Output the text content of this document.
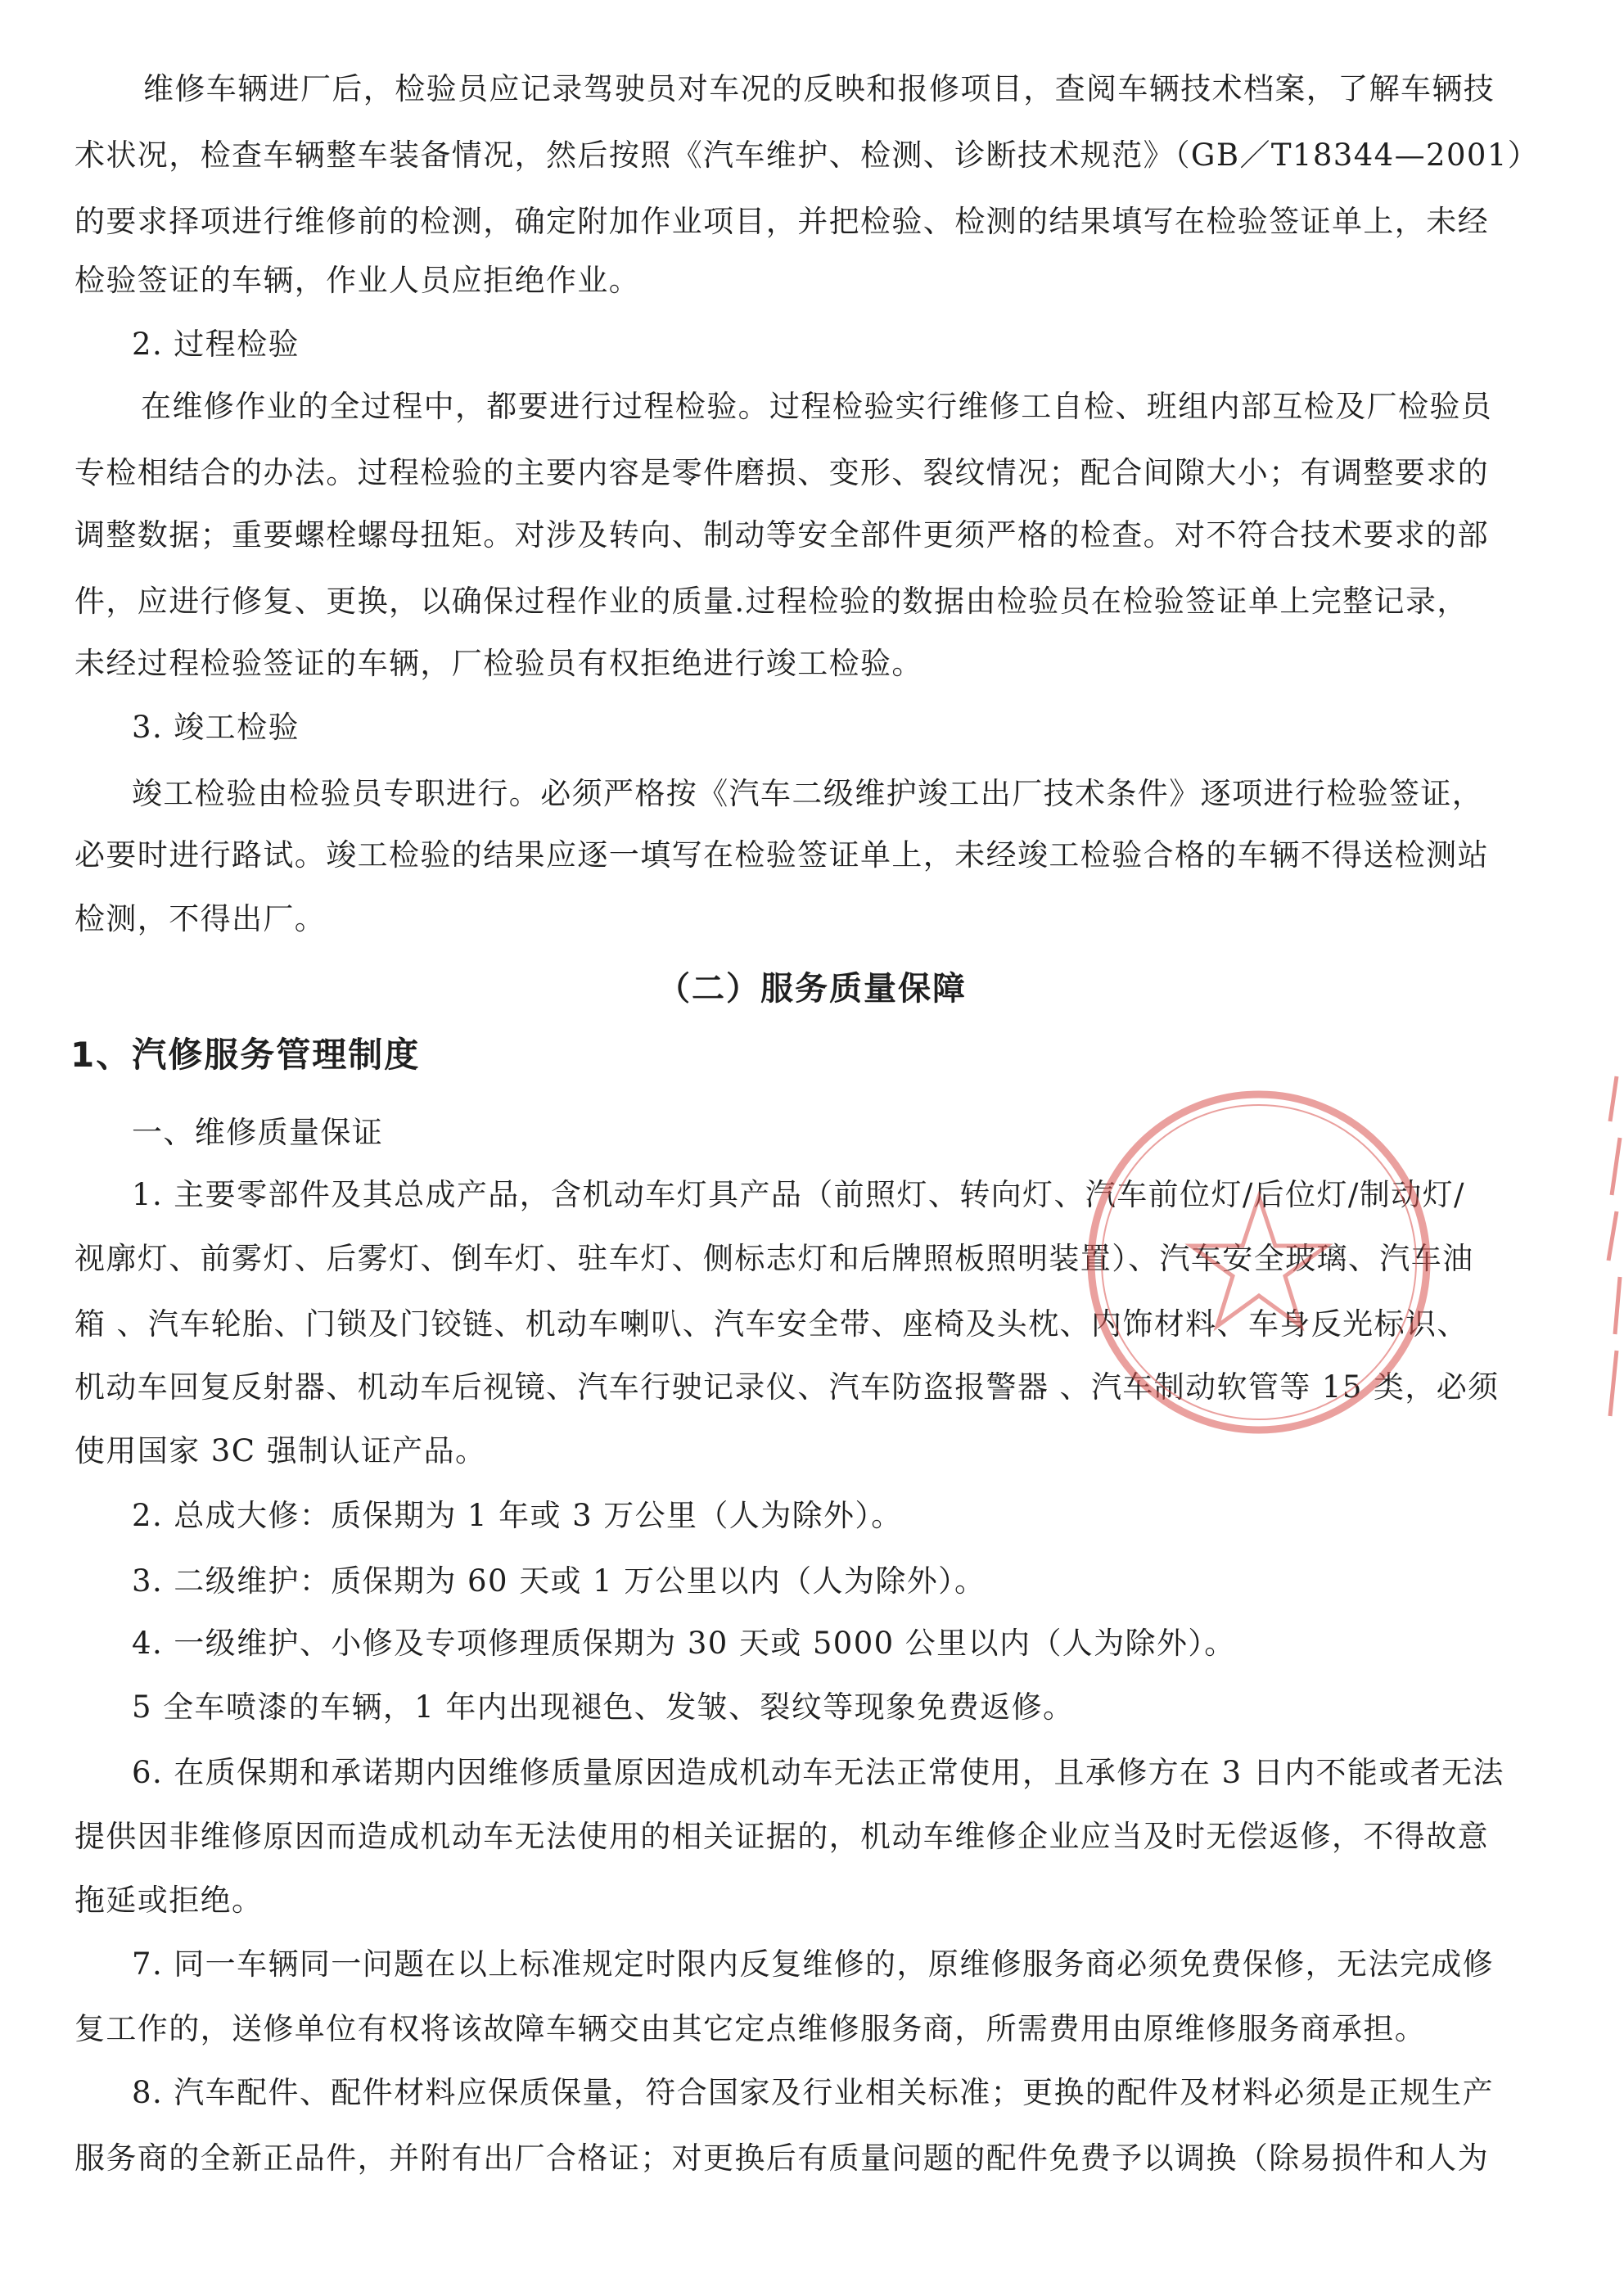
维修车辆进厂后，检验员应记录驾驶员对车况的反映和报修项目，查阅车辆技术档案，了解车辆技
术状况，检查车辆整车装备情况，然后按照《汽车维护、检测、诊断技术规范》（GB／T18344—2001）
的要求择项进行维修前的检测，确定附加作业项目，并把检验、检测的结果填写在检验签证单上，未经
检验签证的车辆，作业人员应拒绝作业。
2. 过程检验
在维修作业的全过程中，都要进行过程检验。过程检验实行维修工自检、班组内部互检及厂检验员
专检相结合的办法。过程检验的主要内容是零件磨损、变形、裂纹情况；配合间隙大小；有调整要求的
调整数据；重要螺栓螺母扭矩。对涉及转向、制动等安全部件更须严格的检查。对不符合技术要求的部
件，应进行修复、更换，以确保过程作业的质量.过程检验的数据由检验员在检验签证单上完整记录，
未经过程检验签证的车辆，厂检验员有权拒绝进行竣工检验。
3. 竣工检验
竣工检验由检验员专职进行。必须严格按《汽车二级维护竣工出厂技术条件》逐项进行检验签证，
必要时进行路试。竣工检验的结果应逐一填写在检验签证单上，未经竣工检验合格的车辆不得送检测站
检测，不得出厂。
（二）服务质量保障
1、汽修服务管理制度
一、维修质量保证
1. 主要零部件及其总成产品，含机动车灯具产品（前照灯、转向灯、汽车前位灯/后位灯/制动灯/
视廓灯、前雾灯、后雾灯、倒车灯、驻车灯、侧标志灯和后牌照板照明装置）、汽车安全玻璃、汽车油
箱 、汽车轮胎、门锁及门铰链、机动车喇叭、汽车安全带、座椅及头枕、内饰材料、车身反光标识、
机动车回复反射器、机动车后视镜、汽车行驶记录仪、汽车防盗报警器 、汽车制动软管等 15 类，必须
使用国家 3C 强制认证产品。
2. 总成大修：质保期为 1 年或 3 万公里（人为除外）。
3. 二级维护：质保期为 60 天或 1 万公里以内（人为除外）。
4. 一级维护、小修及专项修理质保期为 30 天或 5000 公里以内（人为除外）。
5 全车喷漆的车辆，1 年内出现褪色、发皱、裂纹等现象免费返修。
6. 在质保期和承诺期内因维修质量原因造成机动车无法正常使用，且承修方在 3 日内不能或者无法
提供因非维修原因而造成机动车无法使用的相关证据的，机动车维修企业应当及时无偿返修，不得故意
拖延或拒绝。
7. 同一车辆同一问题在以上标准规定时限内反复维修的，原维修服务商必须免费保修，无法完成修
复工作的，送修单位有权将该故障车辆交由其它定点维修服务商，所需费用由原维修服务商承担。
8. 汽车配件、配件材料应保质保量，符合国家及行业相关标准；更换的配件及材料必须是正规生产
服务商的全新正品件，并附有出厂合格证；对更换后有质量问题的配件免费予以调换（除易损件和人为
